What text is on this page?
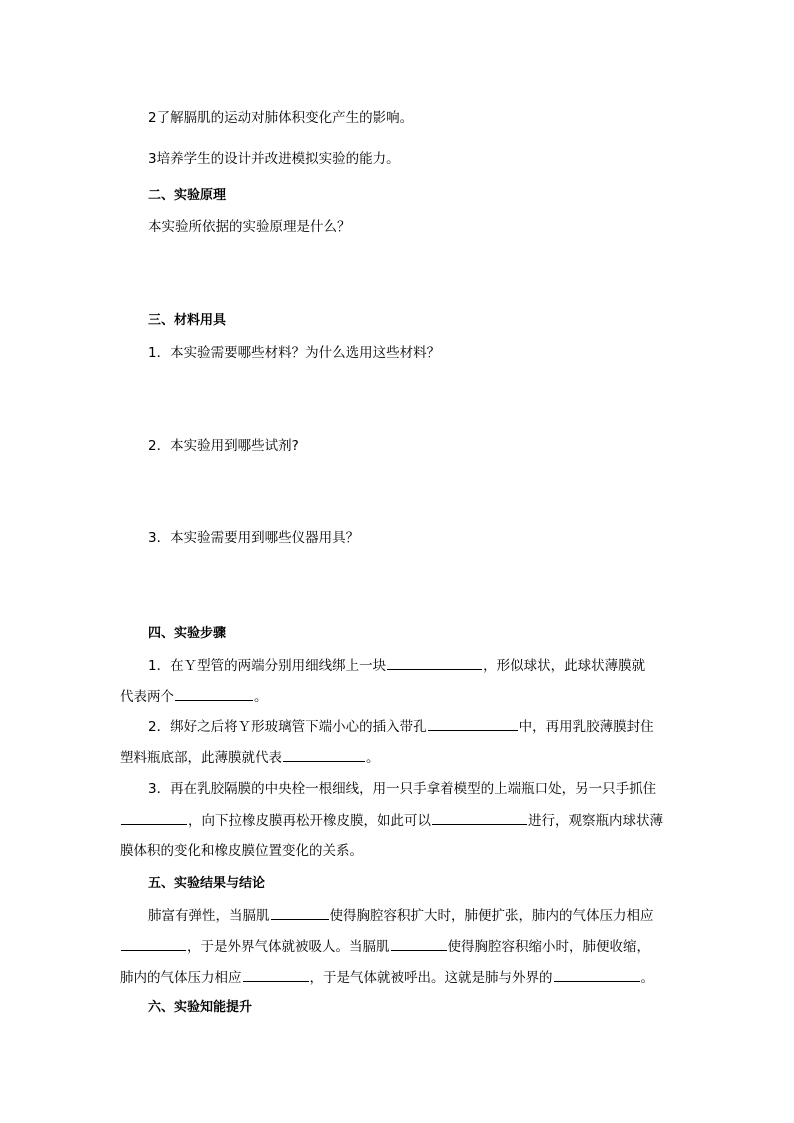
2了解膈肌的运动对肺体积变化产生的影响。
3培养学生的设计并改进模拟实验的能力。
二、实验原理
本实验所依据的实验原理是什么？
三、材料用具
1．本实验需要哪些材料？为什么选用这些材料？
2．本实验用到哪些试剂?
3．本实验需要用到哪些仪器用具？
四、实验步骤
1．在Ｙ型管的两端分别用细线绑上一块	，形似球状，此球状薄膜就
代表两个	。
2．绑好之后将Ｙ形玻璃管下端小心的插入带孔	中，再用乳胶薄膜封住
塑料瓶底部，此薄膜就代表	。
3．再在乳胶隔膜的中央栓一根细线，用一只手拿着模型的上端瓶口处，另一只手抓住
，向下拉橡皮膜再松开橡皮膜，如此可以	进行，观察瓶内球状薄
膜体积的变化和橡皮膜位置变化的关系。
五、实验结果与结论
肺富有弹性，当膈肌	使得胸腔容积扩大时，肺便扩张，肺内的气体压力相应
，于是外界气体就被吸人。当膈肌	使得胸腔容积缩小时，肺便收缩，
肺内的气体压力相应	，于是气体就被呼出。这就是肺与外界的	。
六、实验知能提升
